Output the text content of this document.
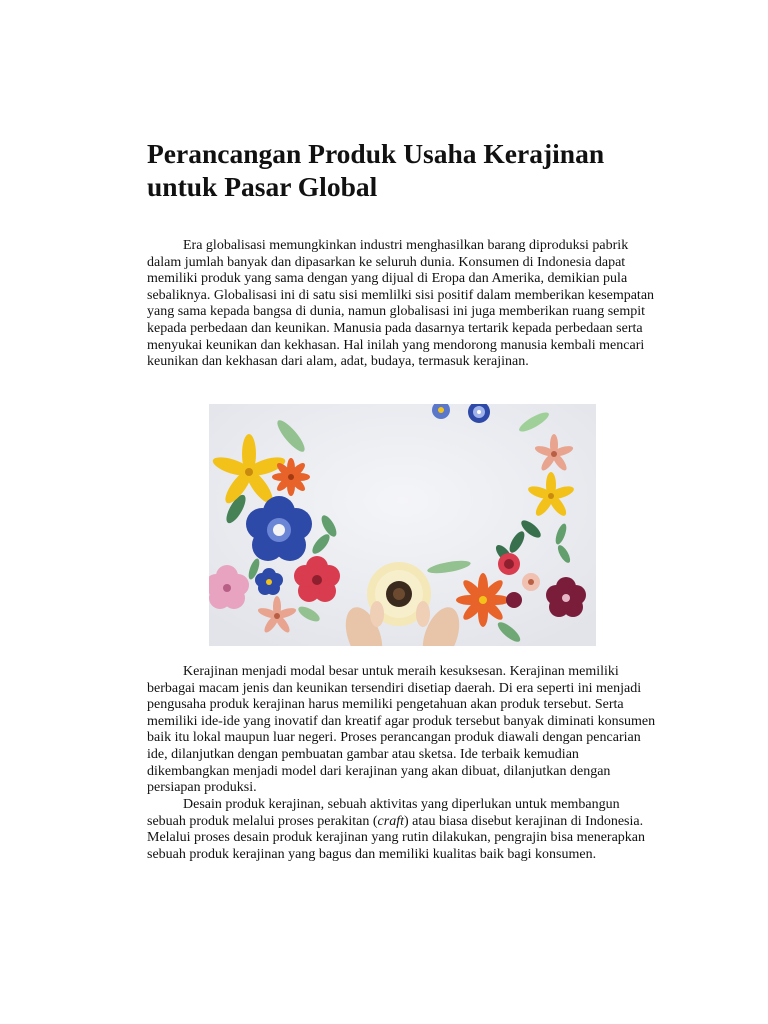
Perancangan Produk Usaha Kerajinan
untuk Pasar Global

Era globalisasi memungkinkan industri menghasilkan barang diproduksi pabrik dalam jumlah banyak dan dipasarkan ke seluruh dunia. Konsumen di Indonesia dapat memiliki produk yang sama dengan yang dijual di Eropa dan Amerika, demikian pula sebaliknya. Globalisasi ini di satu sisi memlilki sisi positif dalam memberikan kesempatan yang sama kepada bangsa di dunia, namun globalisasi ini juga memberikan ruang sempit kepada perbedaan dan keunikan. Manusia pada dasarnya tertarik kepada perbedaan serta menyukai keunikan dan kekhasan. Hal inilah yang mendorong manusia kembali mencari keunikan dan kekhasan dari alam, adat, budaya, termasuk kerajinan.

Kerajinan menjadi modal besar untuk meraih kesuksesan. Kerajinan memiliki berbagai macam jenis dan keunikan tersendiri disetiap daerah. Di era seperti ini menjadi pengusaha produk kerajinan harus memiliki pengetahuan akan produk tersebut. Serta memiliki ide-ide yang inovatif dan kreatif agar produk tersebut banyak diminati konsumen baik itu lokal maupun luar negeri. Proses perancangan produk diawali dengan pencarian ide, dilanjutkan dengan pembuatan gambar atau sketsa. Ide terbaik kemudian dikembangkan menjadi model dari kerajinan yang akan dibuat, dilanjutkan dengan persiapan produksi.

Desain produk kerajinan, sebuah aktivitas yang diperlukan untuk membangun sebuah produk melalui proses perakitan (craft) atau biasa disebut kerajinan di Indonesia. Melalui proses desain produk kerajinan yang rutin dilakukan, pengrajin bisa menerapkan sebuah produk kerajinan yang bagus dan memiliki kualitas baik bagi konsumen.
